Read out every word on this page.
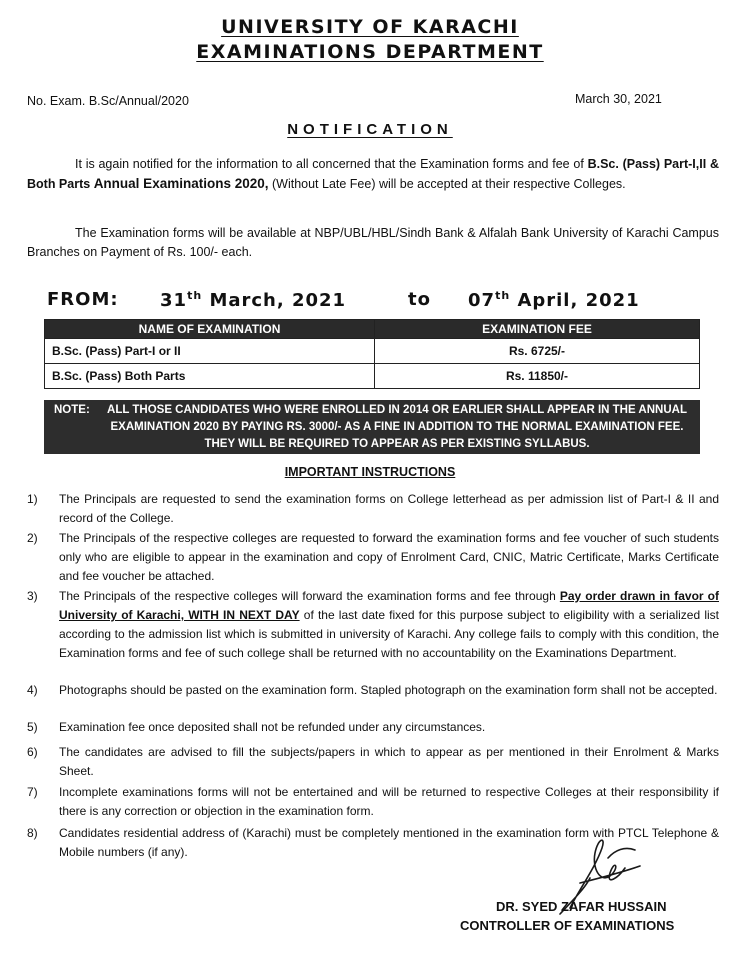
UNIVERSITY OF KARACHI
EXAMINATIONS DEPARTMENT
No. Exam. B.Sc/Annual/2020	March 30, 2021
NOTIFICATION
It is again notified for the information to all concerned that the Examination forms and fee of B.Sc. (Pass) Part-I,II & Both Parts Annual Examinations 2020, (Without Late Fee) will be accepted at their respective Colleges.
The Examination forms will be available at NBP/UBL/HBL/Sindh Bank & Alfalah Bank University of Karachi Campus Branches on Payment of Rs. 100/- each.
FROM: 31th March, 2021	to 07th April, 2021
NAME OF EXAMINATION	EXAMINATION FEE
B.Sc. (Pass) Part-I or II	Rs. 6725/-
B.Sc. (Pass) Both Parts	Rs. 11850/-
NOTE:	ALL THOSE CANDIDATES WHO WERE ENROLLED IN 2014 OR EARLIER SHALL APPEAR IN THE ANNUAL EXAMINATION 2020 BY PAYING RS. 3000/- AS A FINE IN ADDITION TO THE NORMAL EXAMINATION FEE. THEY WILL BE REQUIRED TO APPEAR AS PER EXISTING SYLLABUS.
IMPORTANT INSTRUCTIONS
1) The Principals are requested to send the examination forms on College letterhead as per admission list of Part-I & II and record of the College.
2) The Principals of the respective colleges are requested to forward the examination forms and fee voucher of such students only who are eligible to appear in the examination and copy of Enrolment Card, CNIC, Matric Certificate, Marks Certificate and fee voucher be attached.
3) The Principals of the respective colleges will forward the examination forms and fee through Pay order drawn in favor of University of Karachi, WITH IN NEXT DAY of the last date fixed for this purpose subject to eligibility with a serialized list according to the admission list which is submitted in university of Karachi. Any college fails to comply with this condition, the Examination forms and fee of such college shall be returned with no accountability on the Examinations Department.
4) Photographs should be pasted on the examination form. Stapled photograph on the examination form shall not be accepted.
5) Examination fee once deposited shall not be refunded under any circumstances.
6) The candidates are advised to fill the subjects/papers in which to appear as per mentioned in their Enrolment & Marks Sheet.
7) Incomplete examinations forms will not be entertained and will be returned to respective Colleges at their responsibility if there is any correction or objection in the examination form.
8) Candidates residential address of (Karachi) must be completely mentioned in the examination form with PTCL Telephone & Mobile numbers (if any).
DR. SYED ZAFAR HUSSAIN
CONTROLLER OF EXAMINATIONS
